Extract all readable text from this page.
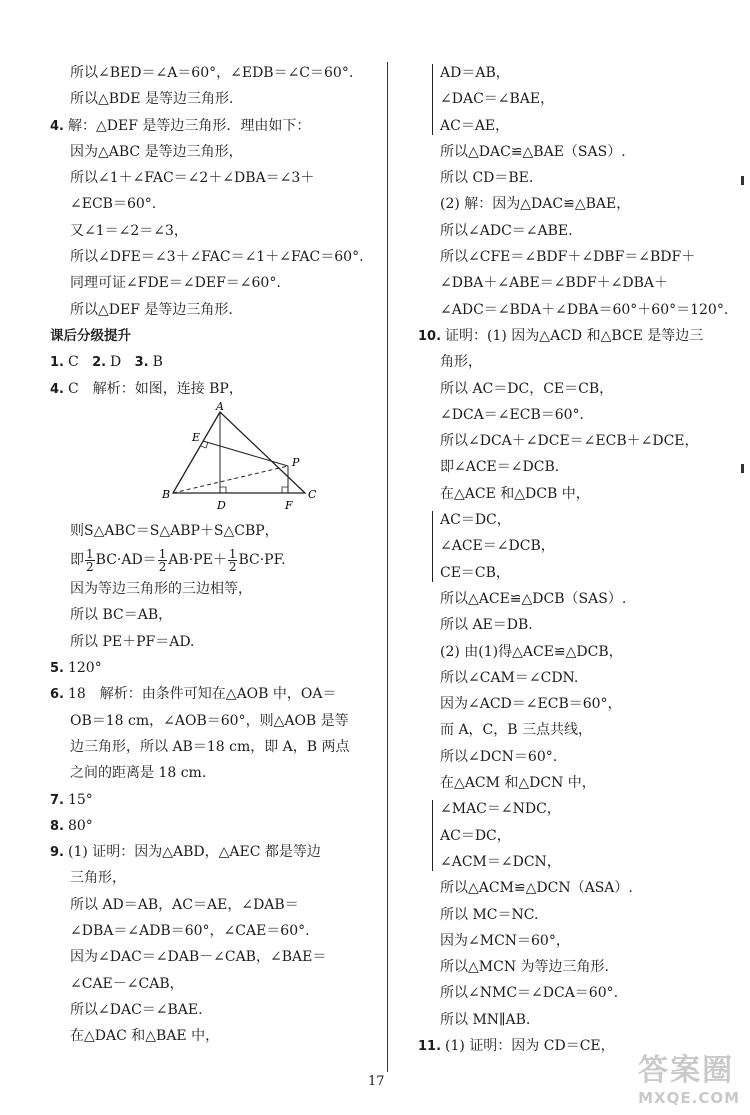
所以∠BED＝∠A＝60°，∠EDB＝∠C＝60°.
所以△BDE 是等边三角形.
4. 解：△DEF 是等边三角形．理由如下：
因为△ABC 是等边三角形，
所以∠1＋∠FAC＝∠2＋∠DBA＝∠3＋
∠ECB＝60°.
又∠1＝∠2＝∠3，
所以∠DFE＝∠3＋∠FAC＝∠1＋∠FAC＝60°.
同理可证∠FDE＝∠DEF＝∠60°.
所以△DEF 是等边三角形.
课后分级提升
1. C 2. D 3. B
4. C　解析：如图，连接 BP，
A
B	C
D
E
F
P
则S△ABC＝S△ABP＋S△CBP，
即 $\frac{1}{2} BC\cdot AD= \frac{1}{2} AB\cdot PE+ \frac{1}{2} BC\cdot PF$.
因为等边三角形的三边相等，
所以 BC＝AB，
所以 PE＋PF＝AD.
5. 120°
6. 18　解析：由条件可知在△AOB 中，OA＝
OB＝18 cm，∠AOB＝60°，则△AOB 是等
边三角形，所以 AB＝18 cm，即 A，B 两点
之间的距离是 18 cm.
7. 15°
8. 80°
9. (1) 证明：因为△ABD，△AEC 都是等边
三角形，
所以 AD＝AB，AC＝AE，∠DAB＝
∠DBA＝∠ADB＝60°，∠CAE＝60°.
因为∠DAC＝∠DAB－∠CAB，∠BAE＝
∠CAE－∠CAB，
所以∠DAC＝∠BAE.
在△DAC 和△BAE 中，
AD＝AB，
∠DAC＝∠BAE，
AC＝AE，
所以△DAC≌△BAE（SAS）.
所以 CD＝BE.
(2) 解：因为△DAC≌△BAE，
所以∠ADC＝∠ABE.
所以∠CFE＝∠BDF＋∠DBF＝∠BDF＋
∠DBA＋∠ABE＝∠BDF＋∠DBA＋
∠ADC＝∠BDA＋∠DBA＝60°＋60°＝120°.
10. 证明：(1) 因为△ACD 和△BCE 是等边三
角形，
所以 AC＝DC，CE＝CB，
∠DCA＝∠ECB＝60°.
所以∠DCA＋∠DCE＝∠ECB＋∠DCE，
即∠ACE＝∠DCB.
在△ACE 和△DCB 中，
AC＝DC，
∠ACE＝∠DCB，
CE＝CB，
所以△ACE≌△DCB（SAS）.
所以 AE＝DB.
(2) 由(1)得△ACE≌△DCB，
所以∠CAM＝∠CDN.
因为∠ACD＝∠ECB＝60°，
而 A，C，B 三点共线，
所以∠DCN＝60°.
在△ACM 和△DCN 中，
∠MAC＝∠NDC，
AC＝DC，
∠ACM＝∠DCN，
所以△ACM≌△DCN（ASA）.
所以 MC＝NC.
因为∠MCN＝60°，
所以△MCN 为等边三角形.
所以∠NMC＝∠DCA＝60°.
所以 MN∥AB.
11. (1) 证明：因为 CD＝CE，
17	答案圈
MXQE.COM
